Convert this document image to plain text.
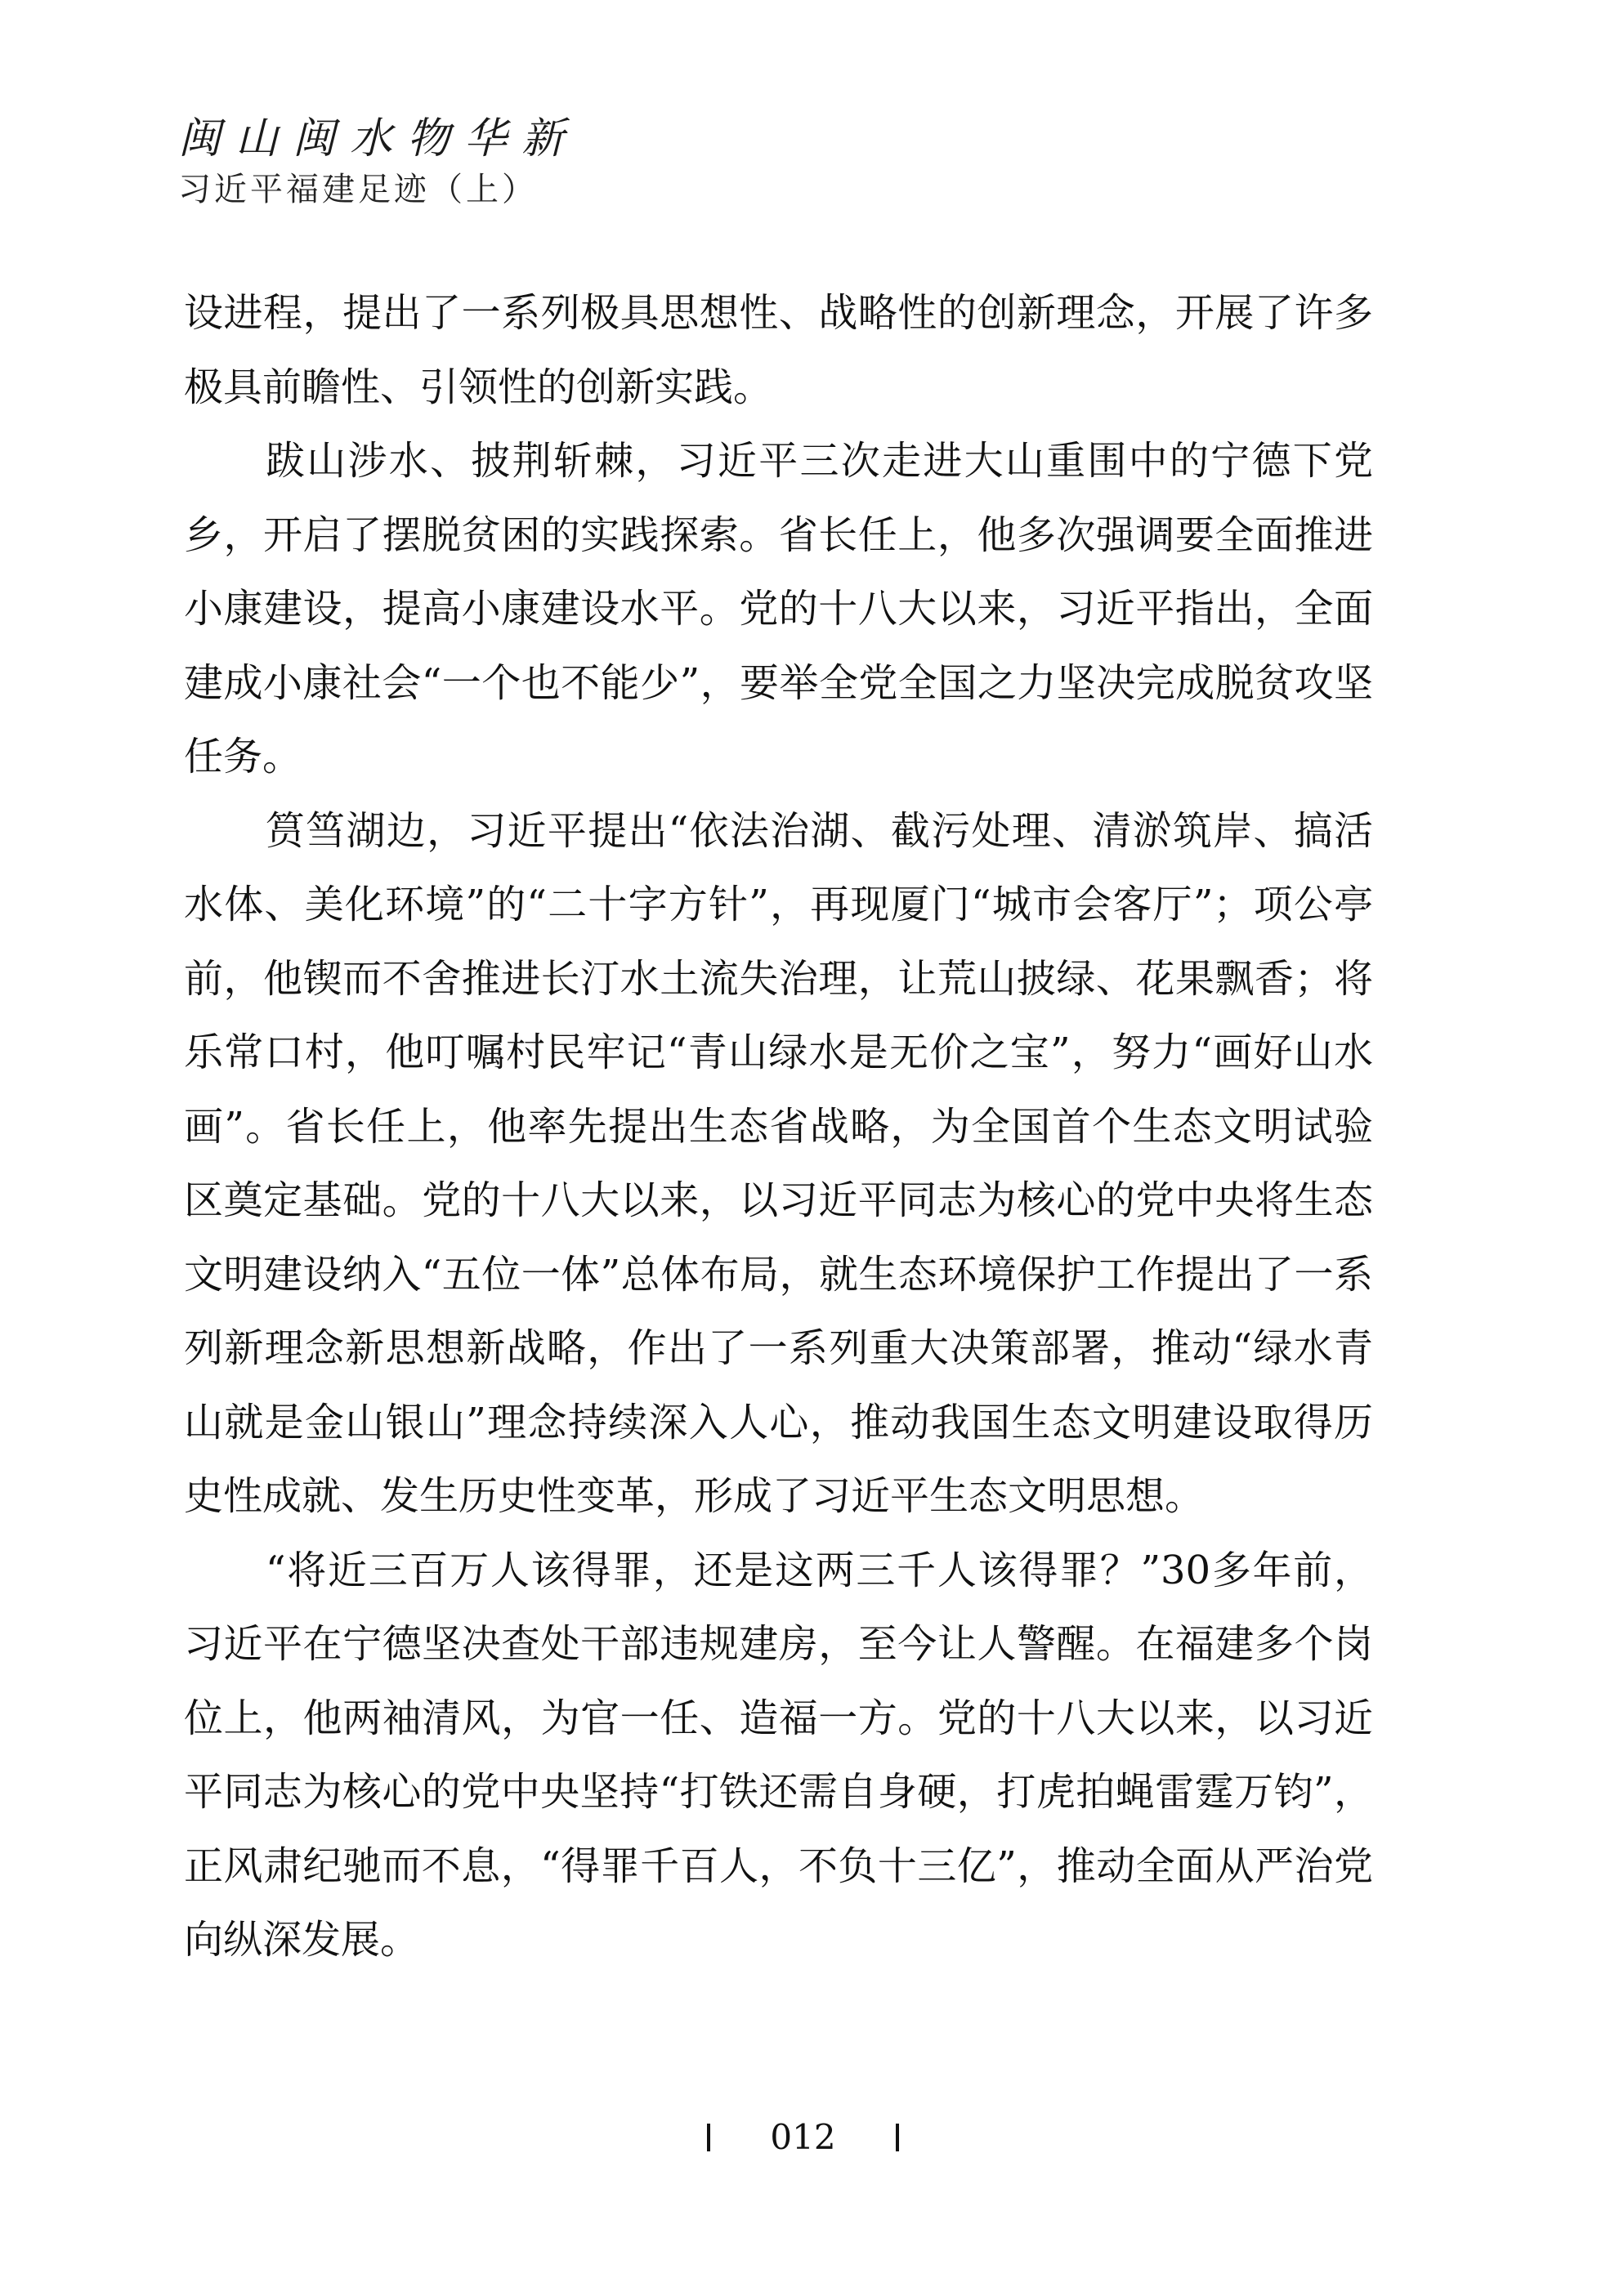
闽山闽水物华新
习近平福建足迹（上）

设进程，提出了一系列极具思想性、战略性的创新理念，开展了许多极具前瞻性、引领性的创新实践。

跋山涉水、披荆斩棘，习近平三次走进大山重围中的宁德下党乡，开启了摆脱贫困的实践探索。省长任上，他多次强调要全面推进小康建设，提高小康建设水平。党的十八大以来，习近平指出，全面建成小康社会“一个也不能少”，要举全党全国之力坚决完成脱贫攻坚任务。

筼筜湖边，习近平提出“依法治湖、截污处理、清淤筑岸、搞活水体、美化环境”的“二十字方针”，再现厦门“城市会客厅”；项公亭前，他锲而不舍推进长汀水土流失治理，让荒山披绿、花果飘香；将乐常口村，他叮嘱村民牢记“青山绿水是无价之宝”，努力“画好山水画”。省长任上，他率先提出生态省战略，为全国首个生态文明试验区奠定基础。党的十八大以来，以习近平同志为核心的党中央将生态文明建设纳入“五位一体”总体布局，就生态环境保护工作提出了一系列新理念新思想新战略，作出了一系列重大决策部署，推动“绿水青山就是金山银山”理念持续深入人心，推动我国生态文明建设取得历史性成就、发生历史性变革，形成了习近平生态文明思想。

“将近三百万人该得罪，还是这两三千人该得罪？”30多年前，习近平在宁德坚决查处干部违规建房，至今让人警醒。在福建多个岗位上，他两袖清风，为官一任、造福一方。党的十八大以来，以习近平同志为核心的党中央坚持“打铁还需自身硬，打虎拍蝇雷霆万钧”，正风肃纪驰而不息，“得罪千百人，不负十三亿”，推动全面从严治党向纵深发展。

012
